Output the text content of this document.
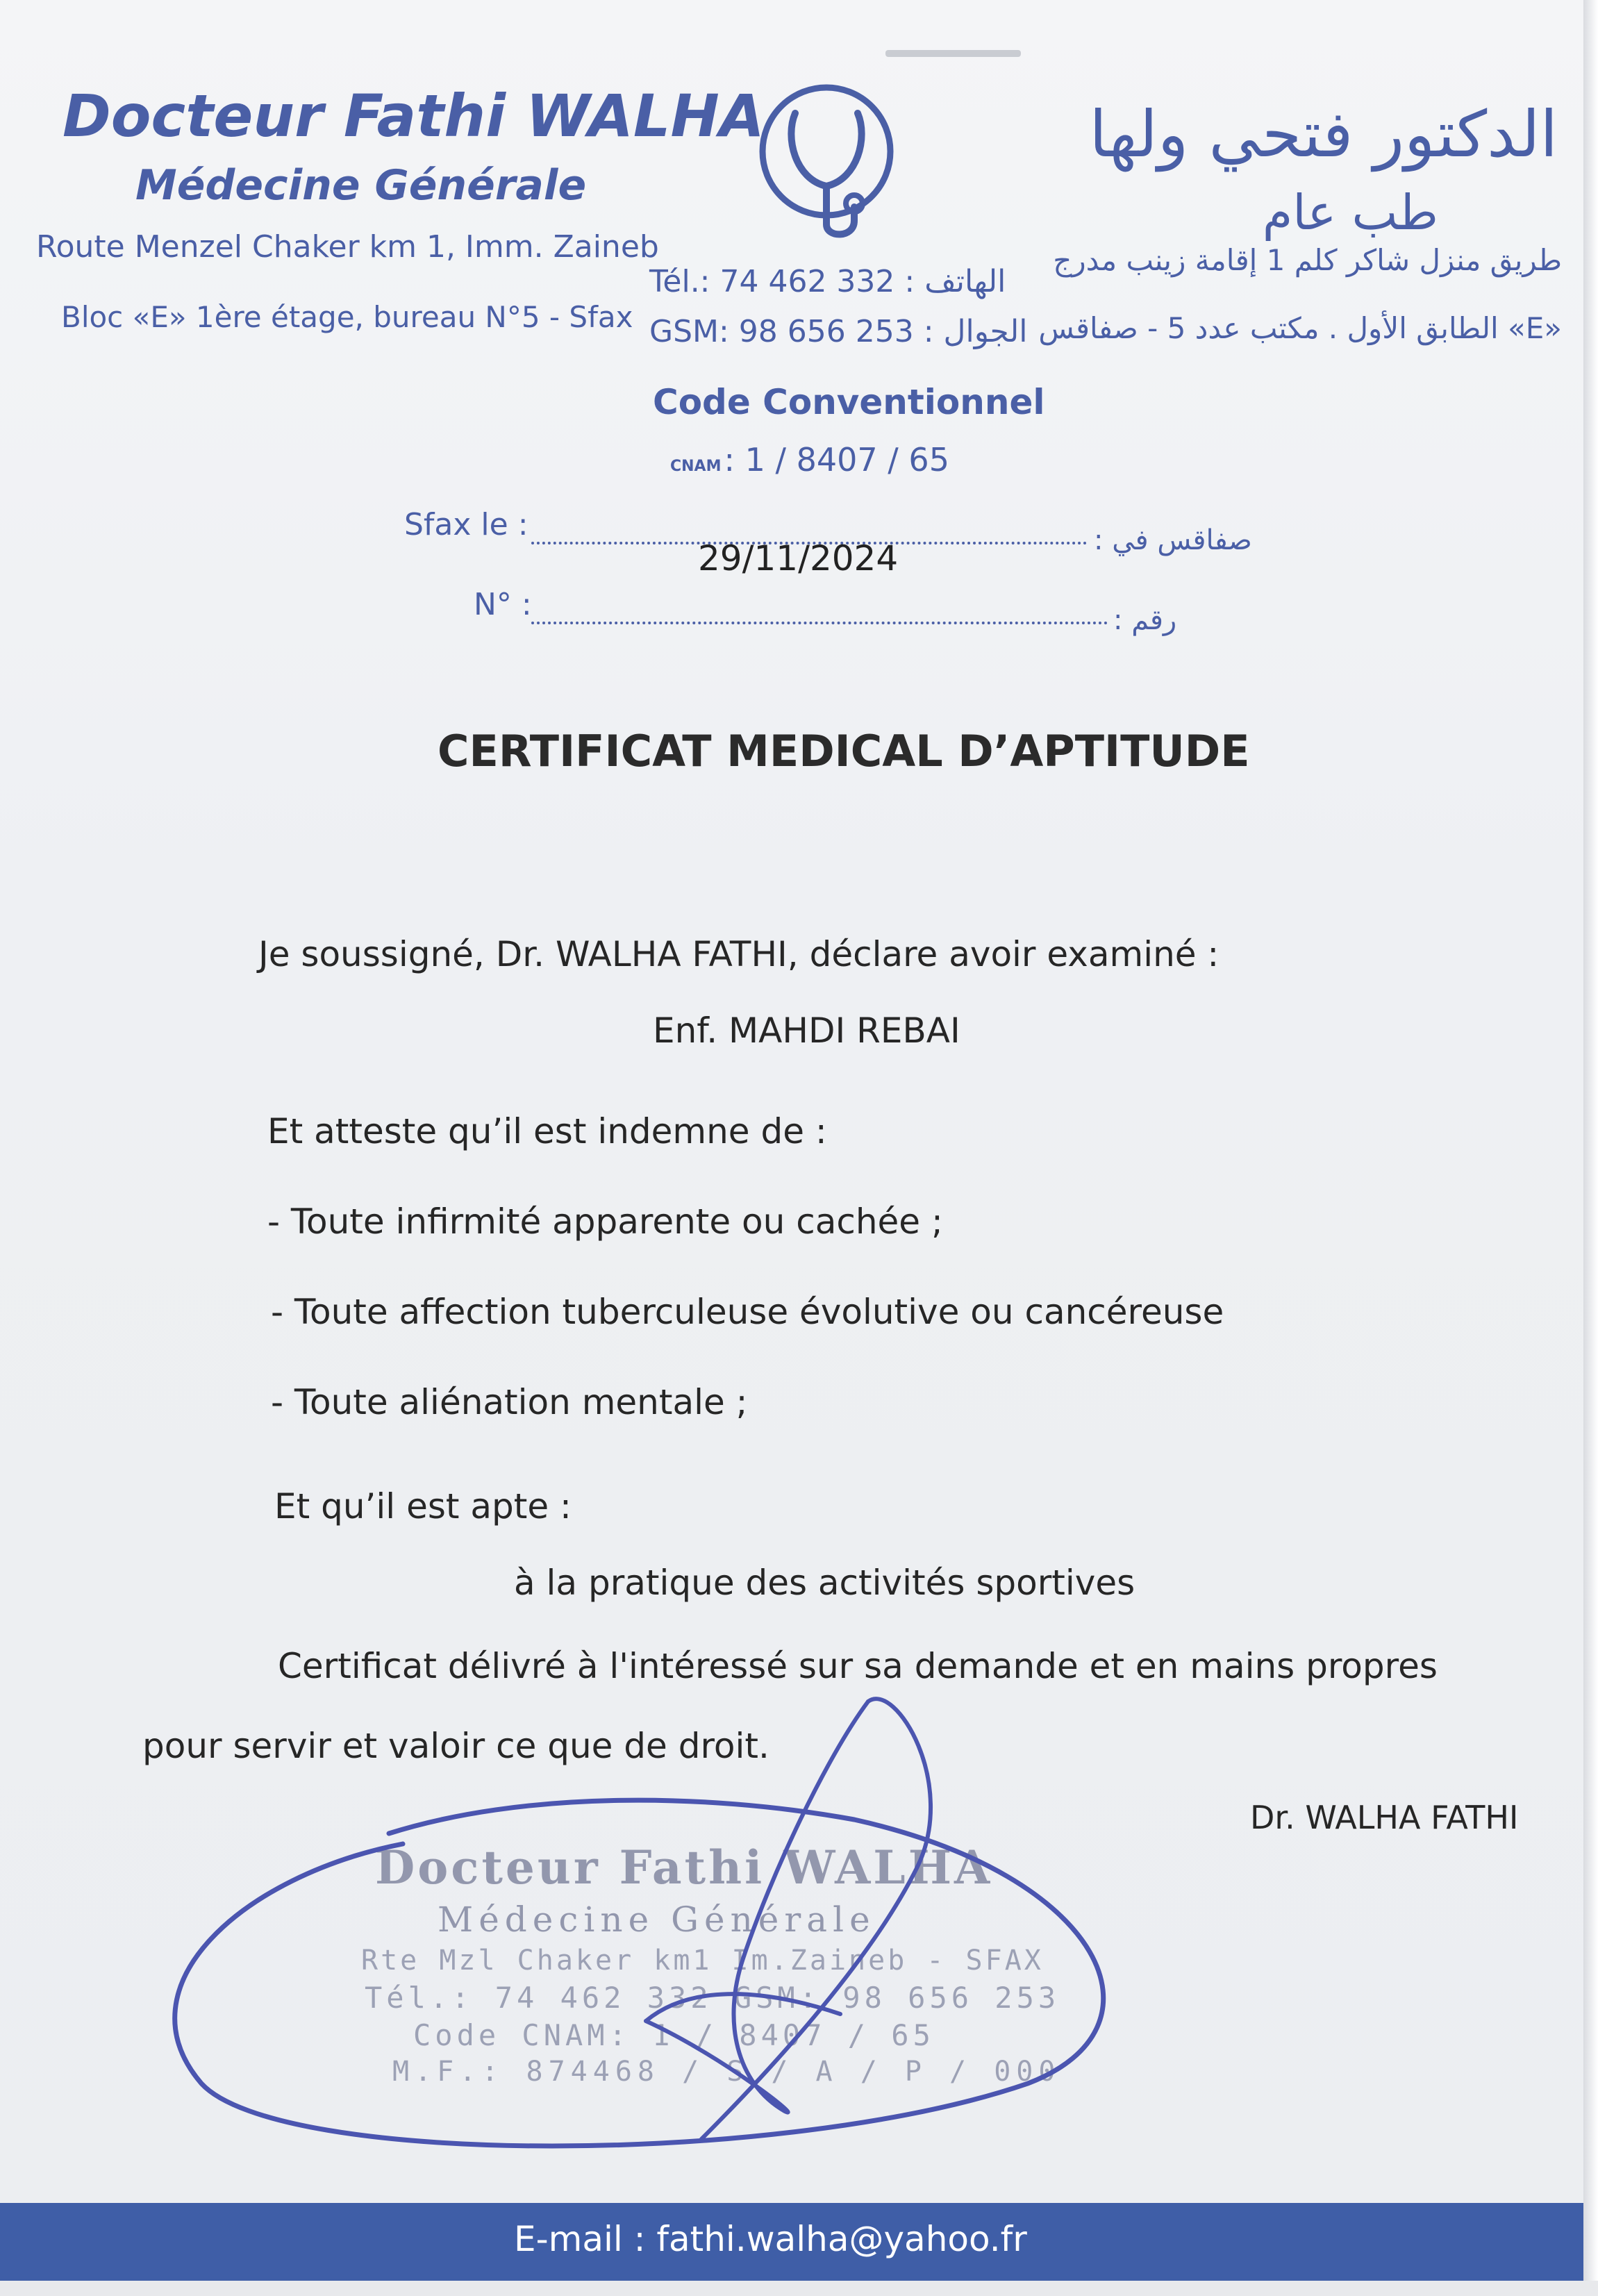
Docteur Fathi WALHA
Médecine Générale
Route Menzel Chaker km 1, Imm. Zaineb
Bloc «E» 1ère étage, bureau N°5 - Sfax
الدكتور فتحي ولها
طب عام
طريق منزل شاكر كلم 1 إقامة زينب مدرج
«E» الطابق الأول . مكتب عدد 5 - صفاقس
Tél.: 74 462 332 : الهاتف
GSM: 98 656 253 : الجوال
Code Conventionnel
CNAM: 1 / 8407 / 65
Sfax le :	صفاقس في :
29/11/2024
N° :	رقم :
CERTIFICAT MEDICAL D’APTITUDE
Je soussigné, Dr. WALHA FATHI, déclare avoir examiné :
Enf. MAHDI REBAI
Et atteste qu’il est indemne de :
- Toute infirmité apparente ou cachée ;
- Toute affection tuberculeuse évolutive ou cancéreuse
- Toute aliénation mentale ;
Et qu’il est apte :
à la pratique des activités sportives
Certificat délivré à l'intéressé sur sa demande et en mains propres
pour servir et valoir ce que de droit.
Dr. WALHA FATHI
Docteur Fathi WALHA
Médecine Générale
Rte Mzl Chaker km1 Im.Zaineb - SFAX
Tél.: 74 462 332 GSM: 98 656 253
Code CNAM: 1 / 8407 / 65
M.F.: 874468 / S / A / P / 000
E-mail : fathi.walha@yahoo.fr
